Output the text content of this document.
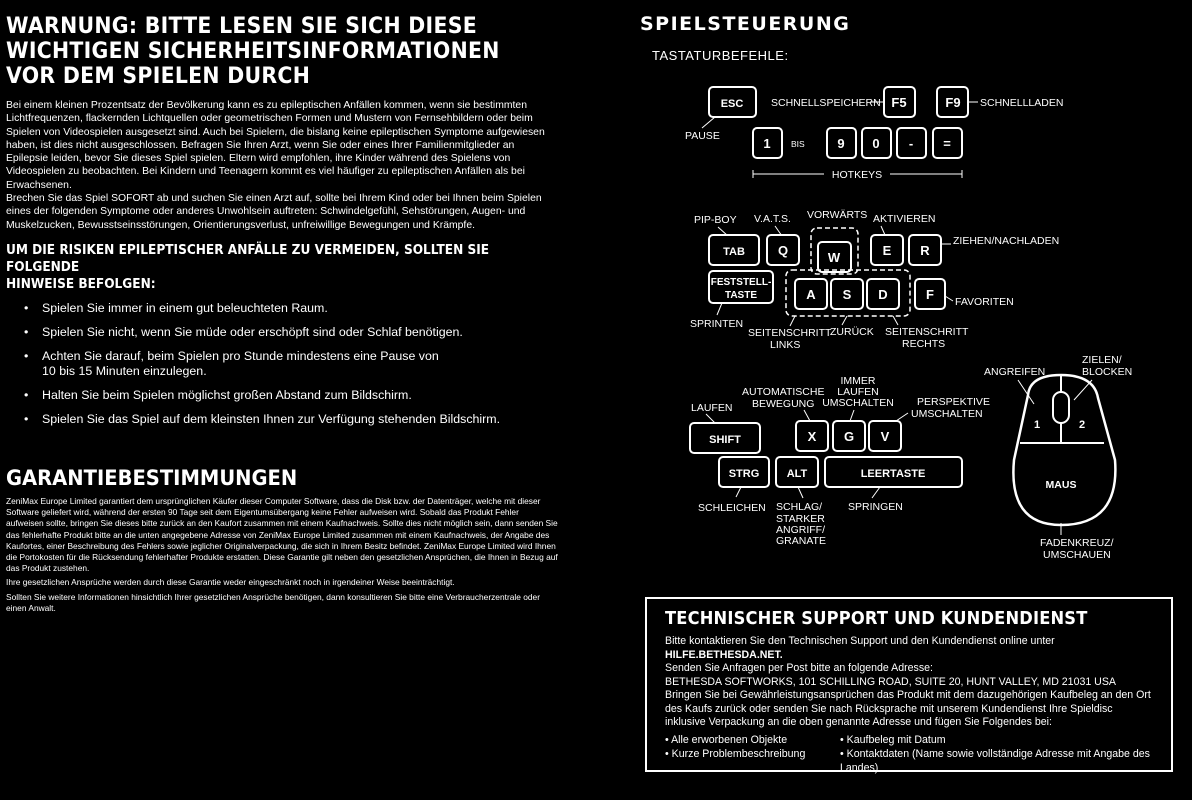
WARNUNG: BITTE LESEN SIE SICH DIESE
WICHTIGEN SICHERHEITSINFORMATIONEN
VOR DEM SPIELEN DURCH

Bei einem kleinen Prozentsatz der Bevölkerung kann es zu epileptischen Anfällen kommen, wenn sie bestimmten Lichtfrequenzen, flackernden Lichtquellen oder geometrischen Formen und Mustern von Fernsehbildern oder beim Spielen von Videospielen ausgesetzt sind. Auch bei Spielern, die bislang keine epileptischen Symptome aufgewiesen haben, ist dies nicht ausgeschlossen. Befragen Sie Ihren Arzt, wenn Sie oder eines Ihrer Familienmitglieder an Epilepsie leiden, bevor Sie dieses Spiel spielen. Eltern wird empfohlen, ihre Kinder während des Spielens von Videospielen zu beobachten. Bei Kindern und Teenagern kommt es viel häufiger zu epileptischen Anfällen als bei Erwachsenen.

Brechen Sie das Spiel SOFORT ab und suchen Sie einen Arzt auf, sollte bei Ihrem Kind oder bei Ihnen beim Spielen eines der folgenden Symptome oder anderes Unwohlsein auftreten: Schwindelgefühl, Sehstörungen, Augen- und Muskelzucken, Bewusstseinsstörungen, Orientierungsverlust, unfreiwillige Bewegungen und Krämpfe.

UM DIE RISIKEN EPILEPTISCHER ANFÄLLE ZU VERMEIDEN, SOLLTEN SIE FOLGENDE
HINWEISE BEFOLGEN:
• Spielen Sie immer in einem gut beleuchteten Raum.
• Spielen Sie nicht, wenn Sie müde oder erschöpft sind oder Schlaf benötigen.
• Achten Sie darauf, beim Spielen pro Stunde mindestens eine Pause von
10 bis 15 Minuten einzulegen.
• Halten Sie beim Spielen möglichst großen Abstand zum Bildschirm.
• Spielen Sie das Spiel auf dem kleinsten Ihnen zur Verfügung stehenden Bildschirm.
GARANTIEBESTIMMUNGEN

ZeniMax Europe Limited garantiert dem ursprünglichen Käufer dieser Computer Software, dass die Disk bzw. der Datenträger, welche mit dieser Software geliefert wird, während der ersten 90 Tage seit dem Eigentumsübergang keine Fehler aufweisen wird. Sobald das Produkt Fehler aufweisen sollte, bringen Sie dieses bitte zurück an den Kaufort zusammen mit einem Kaufnachweis. Sollte dies nicht möglich sein, dann senden Sie das fehlerhafte Produkt bitte an die unten angegebene Adresse von ZeniMax Europe Limited zusammen mit einem Kaufnachweis, der Angabe des Kaufortes, einer Beschreibung des Fehlers sowie jeglicher Originalverpackung, die sich in Ihrem Besitz befindet. ZeniMax Europe Limited wird Ihnen die Portokosten für die Rücksendung fehlerhafter Produkte erstatten. Diese Garantie gilt neben den gesetzlichen Ansprüchen, die Ihnen in Bezug auf das Produkt zustehen.

Ihre gesetzlichen Ansprüche werden durch diese Garantie weder eingeschränkt noch in irgendeiner Weise beeinträchtigt.

Sollten Sie weitere Informationen hinsichtlich Ihrer gesetzlichen Ansprüche benötigen, dann konsultieren Sie bitte eine Verbraucherzentrale oder einen Anwalt.

SPIELSTEUERUNG
TASTATURBEFEHLE:
ESC	F5	F9
SCHNELLSPEICHERN	SCHNELLLADEN
PAUSE	1 BIS	9 0 - =
HOTKEYS
PIP-BOY V.A.T.S. VORWÄRTS AKTIVIEREN
ZIEHEN/NACHLADEN
TAB	Q	W	E R
FESTSTELL-
TASTE	A S D	F FAVORITEN
SPRINTEN
SEITENSCHRITT
LINKS
ZURÜCK SEITENSCHRITT
RECHTS
LAUFEN
AUTOMATISCHE
BEWEGUNG
IMMER
LAUFEN
UMSCHALTEN PERSPEKTIVE
UMSCHALTEN
SHIFT	X G V
STRG ALT	LEERTASTE
SCHLEICHEN SCHLAG/
STARKER
ANGRIFF/
GRANATE
SPRINGEN
1	2
MAUS
ANGREIFEN
ZIELEN/
BLOCKEN
FADENKREUZ/
UMSCHAUEN
TECHNISCHER SUPPORT UND KUNDENDIENST

Bitte kontaktieren Sie den Technischen Support und den Kundendienst online unter HILFE.BETHESDA.NET.

Senden Sie Anfragen per Post bitte an folgende Adresse:

BETHESDA SOFTWORKS, 101 SCHILLING ROAD, SUITE 20, HUNT VALLEY, MD 21031 USA

Bringen Sie bei Gewährleistungsansprüchen das Produkt mit dem dazugehörigen Kaufbeleg an den Ort des Kaufs zurück oder senden Sie nach Rücksprache mit unserem Kundendienst Ihre Spieldisc inklusive Verpackung an die oben genannte Adresse und fügen Sie Folgendes bei:

• Alle erworbenen Objekte	• Kaufbeleg mit Datum
• Kurze Problembeschreibung	• Kontaktdaten (Name sowie vollständige Adresse mit Angabe des Landes)
